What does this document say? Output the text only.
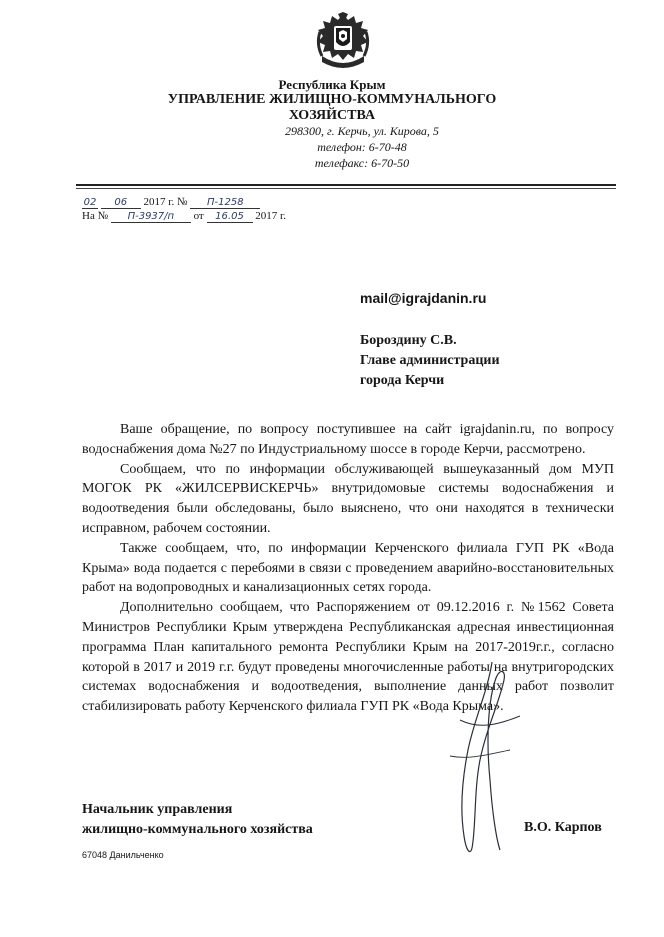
Республика Крым
УПРАВЛЕНИЕ ЖИЛИЩНО-КОММУНАЛЬНОГО
ХОЗЯЙСТВА
298300, г. Керчь, ул. Кирова, 5
телефон: 6-70-48
телефакс: 6-70-50
02 06 2017 г. № П-1258
На № П-3937/п от 16.05 2017 г.
mail@igrajdanin.ru
Бороздину С.В.
Главе администрации
города Керчи

Ваше обращение, по вопросу поступившее на сайт igrajdanin.ru, по вопросу водоснабжения дома №27 по Индустриальному шоссе в городе Керчи, рассмотрено.

Сообщаем, что по информации обслуживающей вышеуказанный дом МУП МОГОК РК «ЖИЛСЕРВИСКЕРЧЬ» внутридомовые системы водоснабжения и водоотведения были обследованы, было выяснено, что они находятся в технически исправном, рабочем состоянии.

Также сообщаем, что, по информации Керченского филиала ГУП РК «Вода Крыма» вода подается с перебоями в связи с проведением аварийно-восстановительных работ на водопроводных и канализационных сетях города.

Дополнительно сообщаем, что Распоряжением от 09.12.2016 г. №1562 Совета Министров Республики Крым утверждена Республиканская адресная инвестиционная программа План капитального ремонта Республики Крым на 2017-2019г.г., согласно которой в 2017 и 2019 г.г. будут проведены многочисленные работы на внутригородских системах водоснабжения и водоотведения, выполнение данных работ позволит стабилизировать работу Керченского филиала ГУП РК «Вода Крыма».

Начальник управления
жилищно-коммунального хозяйства	В.О. Карпов
67048 Данильченко
